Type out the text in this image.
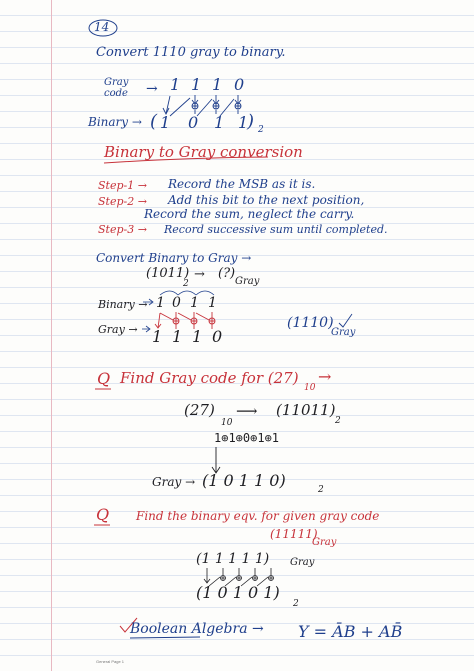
14
Convert 1110 gray to binary.
Gray code	→ 1 1 1 0
Binary → ( 1 0 1 1
) 2
Binary to Gray conversion
Step-1 → Record the MSB as it is.
Step-2 → Add this bit to the next position,
Record the sum, neglect the carry.
Step-3 → Record successive sum until completed.
Convert Binary to Gray →
(1011)
2
→ (?)
Gray
Binary → 1 0 1 1
Gray → 1 1 1 0
(1110)
Gray
Q Find Gray code for (27)
10
→
(27)
10
⟶ (11011)
2
1⊕1⊕0⊕1⊕1
Gray → (1 0 1 1 0)	2
Q Find the binary eqv. for given gray code
(11111)
Gray
(1 1 1 1 1) Gray
(1 0 1 0 1)
2
Boolean Algebra → Y = ĀB + AB̄
General Page 1
